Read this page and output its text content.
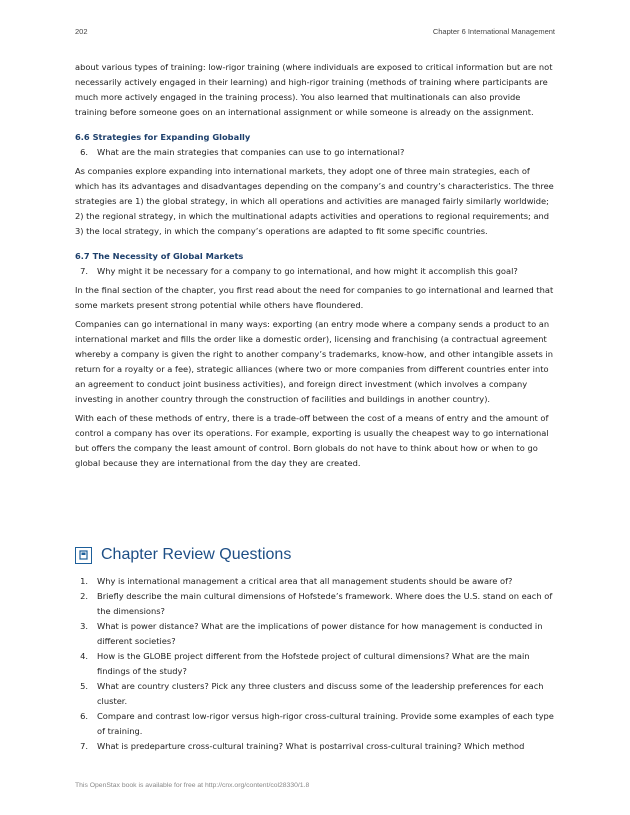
202	Chapter 6 International Management

about various types of training: low-rigor training (where individuals are exposed to critical information but are not necessarily actively engaged in their learning) and high-rigor training (methods of training where participants are much more actively engaged in the training process). You also learned that multinationals can also provide training before someone goes on an international assignment or while someone is already on the assignment.

6.6 Strategies for Expanding Globally
6.	What are the main strategies that companies can use to go international?

As companies explore expanding into international markets, they adopt one of three main strategies, each of which has its advantages and disadvantages depending on the company’s and country’s characteristics. The three strategies are 1) the global strategy, in which all operations and activities are managed fairly similarly worldwide; 2) the regional strategy, in which the multinational adapts activities and operations to regional requirements; and 3) the local strategy, in which the company’s operations are adapted to fit some specific countries.

6.7 The Necessity of Global Markets
7.	Why might it be necessary for a company to go international, and how might it accomplish this goal?

In the final section of the chapter, you first read about the need for companies to go international and learned that some markets present strong potential while others have floundered.

Companies can go international in many ways: exporting (an entry mode where a company sends a product to an international market and fills the order like a domestic order), licensing and franchising (a contractual agreement whereby a company is given the right to another company’s trademarks, know-how, and other intangible assets in return for a royalty or a fee), strategic alliances (where two or more companies from different countries enter into an agreement to conduct joint business activities), and foreign direct investment (which involves a company investing in another country through the construction of facilities and buildings in another country).

With each of these methods of entry, there is a trade-off between the cost of a means of entry and the amount of control a company has over its operations. For example, exporting is usually the cheapest way to go international but offers the company the least amount of control. Born globals do not have to think about how or when to go global because they are international from the day they are created.

Chapter Review Questions
1.	Why is international management a critical area that all management students should be aware of?
2.	Briefly describe the main cultural dimensions of Hofstede’s framework. Where does the U.S. stand on each of the dimensions?
3.	What is power distance? What are the implications of power distance for how management is conducted in different societies?
4.	How is the GLOBE project different from the Hofstede project of cultural dimensions? What are the main findings of the study?
5.	What are country clusters? Pick any three clusters and discuss some of the leadership preferences for each cluster.
6.	Compare and contrast low-rigor versus high-rigor cross-cultural training. Provide some examples of each type of training.
7.	What is predeparture cross-cultural training? What is postarrival cross-cultural training? Which method
This OpenStax book is available for free at http://cnx.org/content/col28330/1.8
